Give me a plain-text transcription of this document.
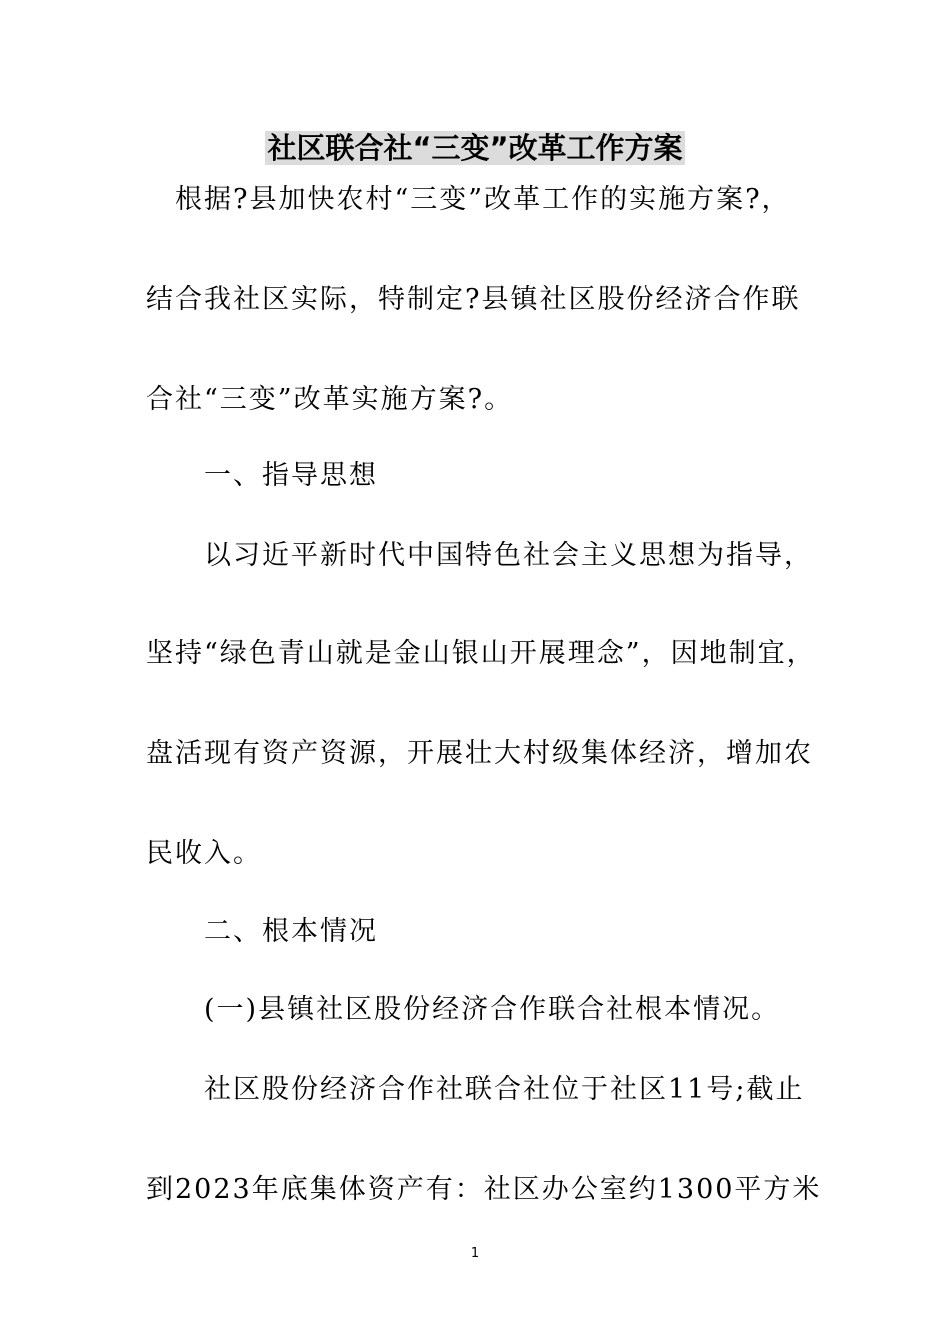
社区联合社“三变”改革工作方案
　根据?县加快农村“三变”改革工作的实施方案?，
结合我社区实际，特制定?县镇社区股份经济合作联
合社“三变”改革实施方案?。
　　一、指导思想
　　以习近平新时代中国特色社会主义思想为指导，
坚持“绿色青山就是金山银山开展理念”，因地制宜，
盘活现有资产资源，开展壮大村级集体经济，增加农
民收入。
　　二、根本情况
　　(一)县镇社区股份经济合作联合社根本情况。
　　社区股份经济合作社联合社位于社区11号;截止
到2023年底集体资产有：社区办公室约1300平方米
1
